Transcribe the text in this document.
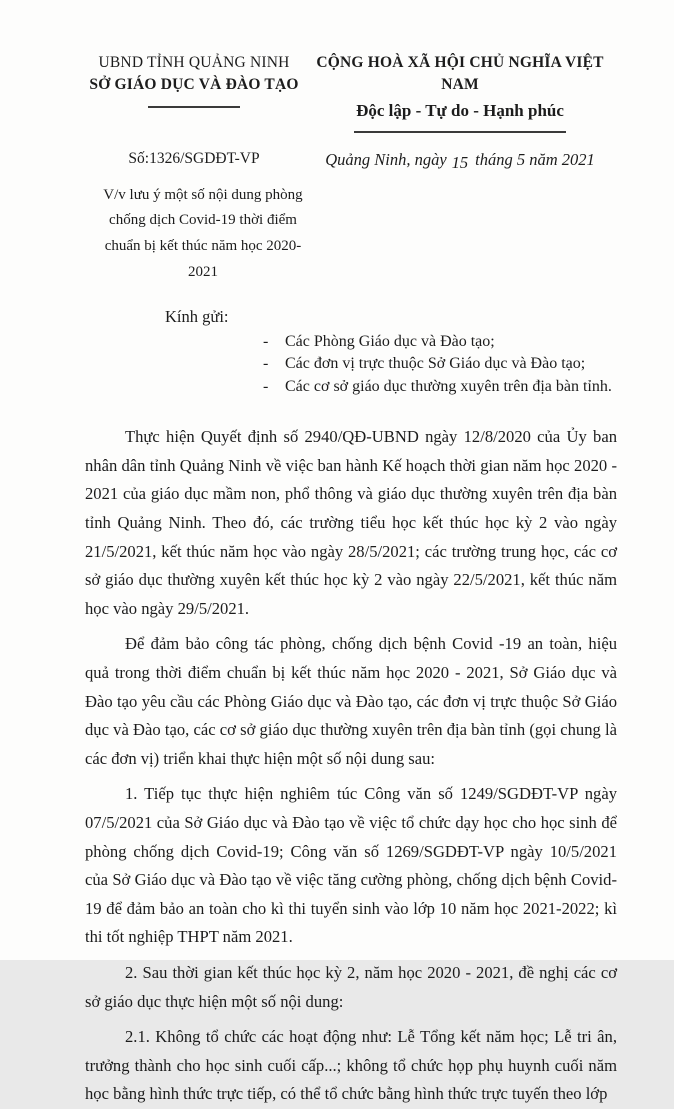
UBND TỈNH QUẢNG NINH
SỞ GIÁO DỤC VÀ ĐÀO TẠO
CỘNG HOÀ XÃ HỘI CHỦ NGHĨA VIỆT NAM
Độc lập - Tự do - Hạnh phúc
Số:1326/SGDĐT-VP	Quảng Ninh, ngày 15 tháng 5 năm 2021
V/v lưu ý một số nội dung phòng chống dịch Covid-19 thời điểm chuẩn bị kết thúc năm học 2020-2021
Kính gửi:
-	Các Phòng Giáo dục và Đào tạo;
-	Các đơn vị trực thuộc Sở Giáo dục và Đào tạo;
-	Các cơ sở giáo dục thường xuyên trên địa bàn tỉnh.

Thực hiện Quyết định số 2940/QĐ-UBND ngày 12/8/2020 của Ủy ban nhân dân tỉnh Quảng Ninh về việc ban hành Kế hoạch thời gian năm học 2020 - 2021 của giáo dục mầm non, phổ thông và giáo dục thường xuyên trên địa bàn tỉnh Quảng Ninh. Theo đó, các trường tiểu học kết thúc học kỳ 2 vào ngày 21/5/2021, kết thúc năm học vào ngày 28/5/2021; các trường trung học, các cơ sở giáo dục thường xuyên kết thúc học kỳ 2 vào ngày 22/5/2021, kết thúc năm học vào ngày 29/5/2021.

Để đảm bảo công tác phòng, chống dịch bệnh Covid -19 an toàn, hiệu quả trong thời điểm chuẩn bị kết thúc năm học 2020 - 2021, Sở Giáo dục và Đào tạo yêu cầu các Phòng Giáo dục và Đào tạo, các đơn vị trực thuộc Sở Giáo dục và Đào tạo, các cơ sở giáo dục thường xuyên trên địa bàn tỉnh (gọi chung là các đơn vị) triển khai thực hiện một số nội dung sau:

1. Tiếp tục thực hiện nghiêm túc Công văn số 1249/SGDĐT-VP ngày 07/5/2021 của Sở Giáo dục và Đào tạo về việc tổ chức dạy học cho học sinh để phòng chống dịch Covid-19; Công văn số 1269/SGDĐT-VP ngày 10/5/2021 của Sở Giáo dục và Đào tạo về việc tăng cường phòng, chống dịch bệnh Covid-19 để đảm bảo an toàn cho kì thi tuyển sinh vào lớp 10 năm học 2021-2022; kì thi tốt nghiệp THPT năm 2021.

2. Sau thời gian kết thúc học kỳ 2, năm học 2020 - 2021, đề nghị các cơ sở giáo dục thực hiện một số nội dung:

2.1. Không tổ chức các hoạt động như: Lễ Tổng kết năm học; Lễ tri ân, trưởng thành cho học sinh cuối cấp...; không tổ chức họp phụ huynh cuối năm học bằng hình thức trực tiếp, có thể tổ chức bằng hình thức trực tuyến theo lớp
